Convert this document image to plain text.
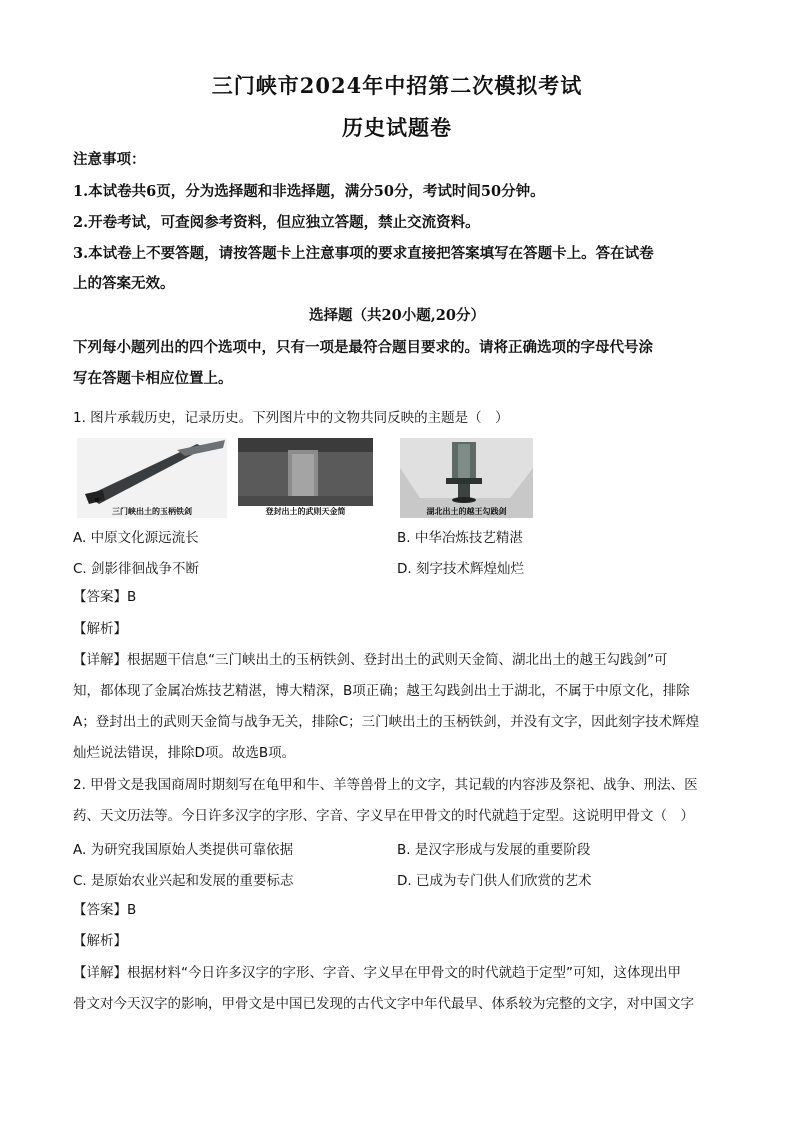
三门峡市2024年中招第二次模拟考试
历史试题卷
注意事项：
1.本试卷共6页，分为选择题和非选择题，满分50分，考试时间50分钟。
2.开卷考试，可查阅参考资料，但应独立答题，禁止交流资料。
3.本试卷上不要答题，请按答题卡上注意事项的要求直接把答案填写在答题卡上。答在试卷
上的答案无效。
选择题（共20小题,20分）
下列每小题列出的四个选项中，只有一项是最符合题目要求的。请将正确选项的字母代号涂
写在答题卡相应位置上。
1. 图片承载历史，记录历史。下列图片中的文物共同反映的主题是（　）
三门峡出土的玉柄铁剑	登封出土的武则天金简	湖北出土的越王勾践剑
A. 中原文化源远流长	B. 中华冶炼技艺精湛
C. 剑影徘徊战争不断	D. 刻字技术辉煌灿烂
【答案】B
【解析】
【详解】根据题干信息“三门峡出土的玉柄铁剑、登封出土的武则天金简、湖北出土的越王勾践剑”可
知，都体现了金属冶炼技艺精湛，博大精深，B项正确；越王勾践剑出土于湖北，不属于中原文化，排除
A；登封出土的武则天金简与战争无关，排除C；三门峡出土的玉柄铁剑，并没有文字，因此刻字技术辉煌
灿烂说法错误，排除D项。故选B项。
2. 甲骨文是我国商周时期刻写在龟甲和牛、羊等兽骨上的文字，其记载的内容涉及祭祀、战争、刑法、医
药、天文历法等。今日许多汉字的字形、字音、字义早在甲骨文的时代就趋于定型。这说明甲骨文（　）
A. 为研究我国原始人类提供可靠依据	B. 是汉字形成与发展的重要阶段
C. 是原始农业兴起和发展的重要标志	D. 已成为专门供人们欣赏的艺术
【答案】B
【解析】
【详解】根据材料“今日许多汉字的字形、字音、字义早在甲骨文的时代就趋于定型”可知，这体现出甲
骨文对今天汉字的影响，甲骨文是中国已发现的古代文字中年代最早、体系较为完整的文字，对中国文字
